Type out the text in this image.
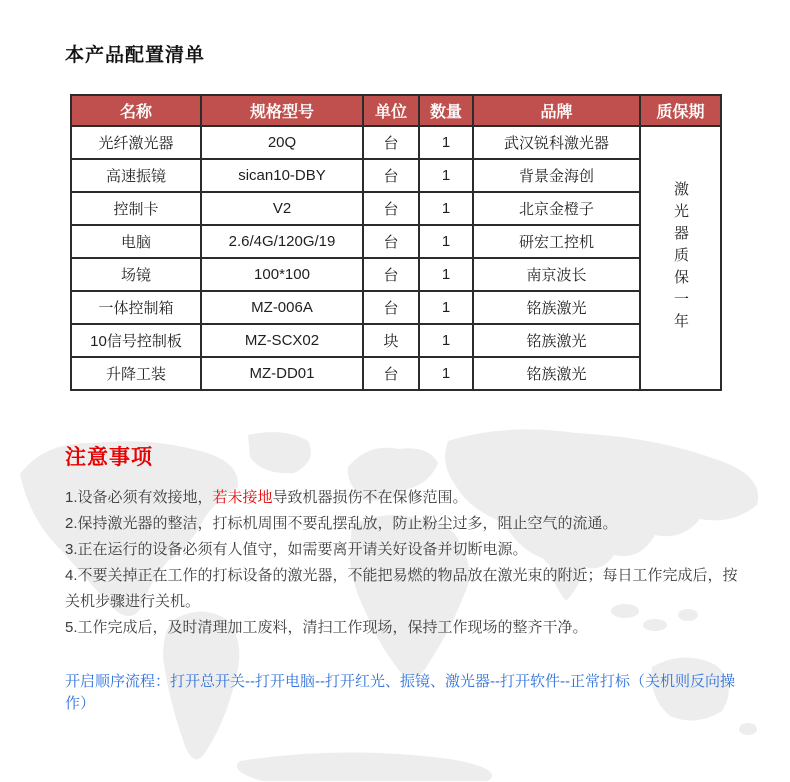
本产品配置清单
名称	规格型号	单位	数量	品牌	质保期
光纤激光器	20Q	台	1	武汉锐科激光器	激光器质保一年

高速振镜	sican10-DBY	台	1	背景金海创	
控制卡	V2	台	1	北京金橙子	
电脑	2.6/4G/120G/19	台	1	研宏工控机	
场镜	100*100	台	1	南京波长	
一体控制箱	MZ-006A	台	1	铭族激光	
10信号控制板	MZ-SCX02	块	1	铭族激光	
升降工装	MZ-DD01	台	1	铭族激光	
注意事项

1.设备必须有效接地，若未接地导致机器损伤不在保修范围。

2.保持激光器的整洁，打标机周围不要乱摆乱放，防止粉尘过多，阻止空气的流通。

3.正在运行的设备必须有人值守，如需要离开请关好设备并切断电源。

4.不要关掉正在工作的打标设备的激光器，不能把易燃的物品放在激光束的附近；每日工作完成后，按关机步骤进行关机。

5.工作完成后，及时清理加工废料，清扫工作现场，保持工作现场的整齐干净。

开启顺序流程：打开总开关--打开电脑--打开红光、振镜、激光器--打开软件--正常打标（关机则反向操作）
